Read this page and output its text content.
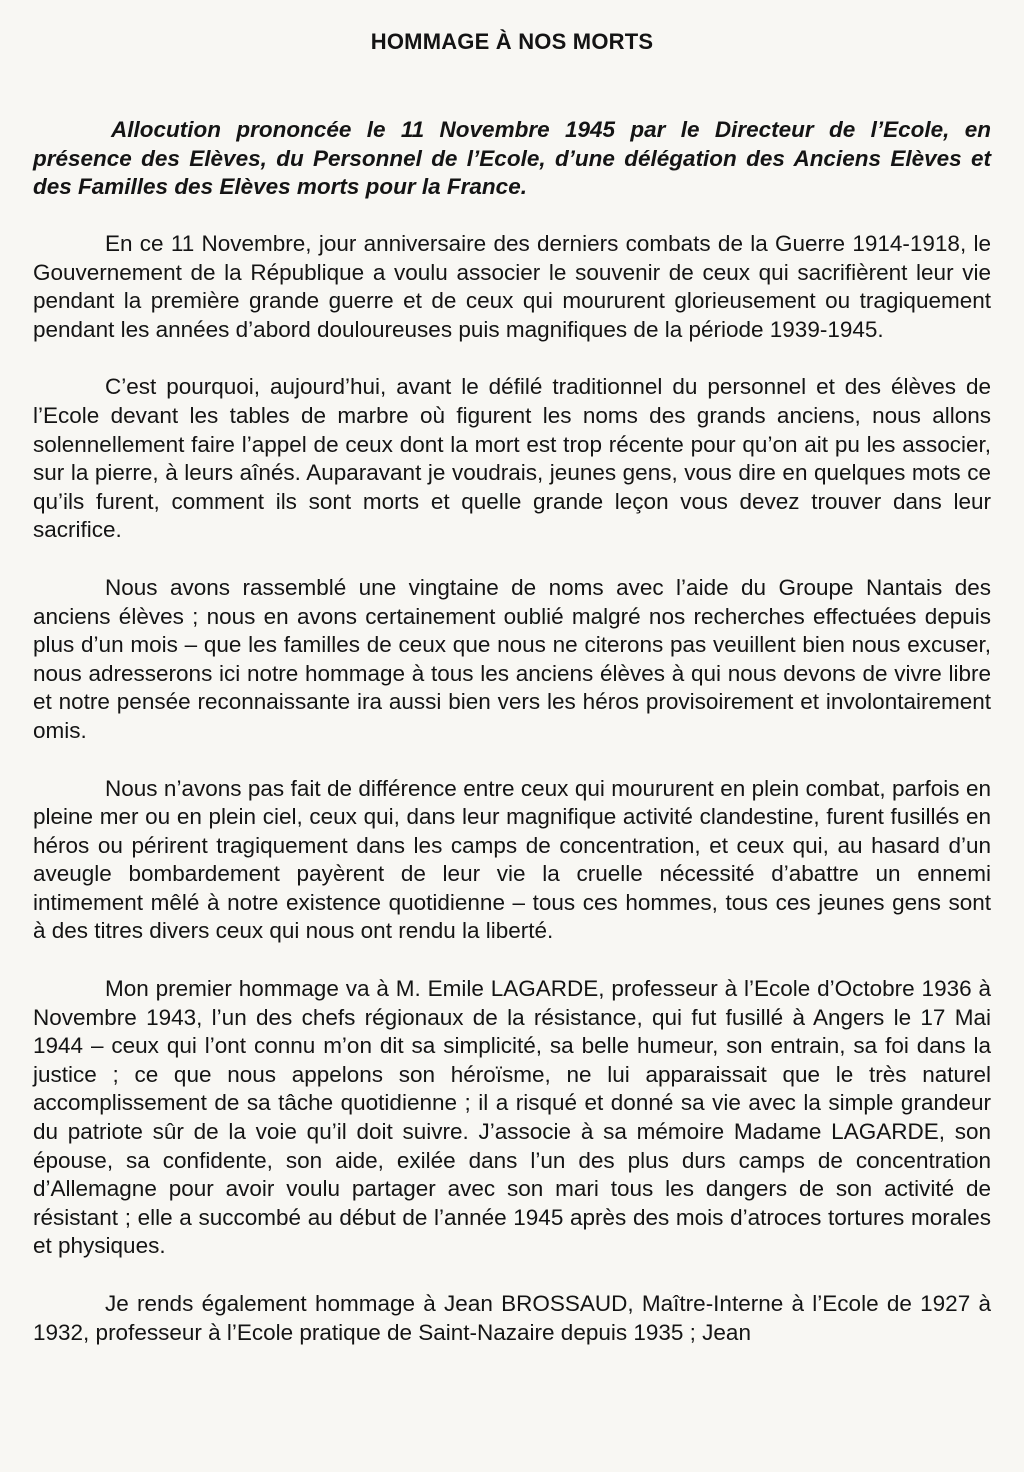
HOMMAGE À NOS MORTS

Allocution prononcée le 11 Novembre 1945 par le Directeur de l’Ecole, en présence des Elèves, du Personnel de l’Ecole, d’une délégation des Anciens Elèves et des Familles des Elèves morts pour la France.

En ce 11 Novembre, jour anniversaire des derniers combats de la Guerre 1914-1918, le Gouvernement de la République a voulu associer le souvenir de ceux qui sacrifièrent leur vie pendant la première grande guerre et de ceux qui moururent glorieusement ou tragiquement pendant les années d’abord douloureuses puis magnifiques de la période 1939-1945.

C’est pourquoi, aujourd’hui, avant le défilé traditionnel du personnel et des élèves de l’Ecole devant les tables de marbre où figurent les noms des grands anciens, nous allons solennellement faire l’appel de ceux dont la mort est trop récente pour qu’on ait pu les associer, sur la pierre, à leurs aînés. Auparavant je voudrais, jeunes gens, vous dire en quelques mots ce qu’ils furent, comment ils sont morts et quelle grande leçon vous devez trouver dans leur sacrifice.

Nous avons rassemblé une vingtaine de noms avec l’aide du Groupe Nantais des anciens élèves ; nous en avons certainement oublié malgré nos recherches effectuées depuis plus d’un mois – que les familles de ceux que nous ne citerons pas veuillent bien nous excuser, nous adresserons ici notre hommage à tous les anciens élèves à qui nous devons de vivre libre et notre pensée reconnaissante ira aussi bien vers les héros provisoirement et involontairement omis.

Nous n’avons pas fait de différence entre ceux qui moururent en plein combat, parfois en pleine mer ou en plein ciel, ceux qui, dans leur magnifique activité clandestine, furent fusillés en héros ou périrent tragiquement dans les camps de concentration, et ceux qui, au hasard d’un aveugle bombardement payèrent de leur vie la cruelle nécessité d’abattre un ennemi intimement mêlé à notre existence quotidienne – tous ces hommes, tous ces jeunes gens sont à des titres divers ceux qui nous ont rendu la liberté.

Mon premier hommage va à M. Emile LAGARDE, professeur à l’Ecole d’Octobre 1936 à Novembre 1943, l’un des chefs régionaux de la résistance, qui fut fusillé à Angers le 17 Mai 1944 – ceux qui l’ont connu m’on dit sa simplicité, sa belle humeur, son entrain, sa foi dans la justice ; ce que nous appelons son héroïsme, ne lui apparaissait que le très naturel accomplissement de sa tâche quotidienne ; il a risqué et donné sa vie avec la simple grandeur du patriote sûr de la voie qu’il doit suivre. J’associe à sa mémoire Madame LAGARDE, son épouse, sa confidente, son aide, exilée dans l’un des plus durs camps de concentration d’Allemagne pour avoir voulu partager avec son mari tous les dangers de son activité de résistant ; elle a succombé au début de l’année 1945 après des mois d’atroces tortures morales et physiques.

Je rends également hommage à Jean BROSSAUD, Maître-Interne à l’Ecole de 1927 à 1932, professeur à l’Ecole pratique de Saint-Nazaire depuis 1935 ; Jean
